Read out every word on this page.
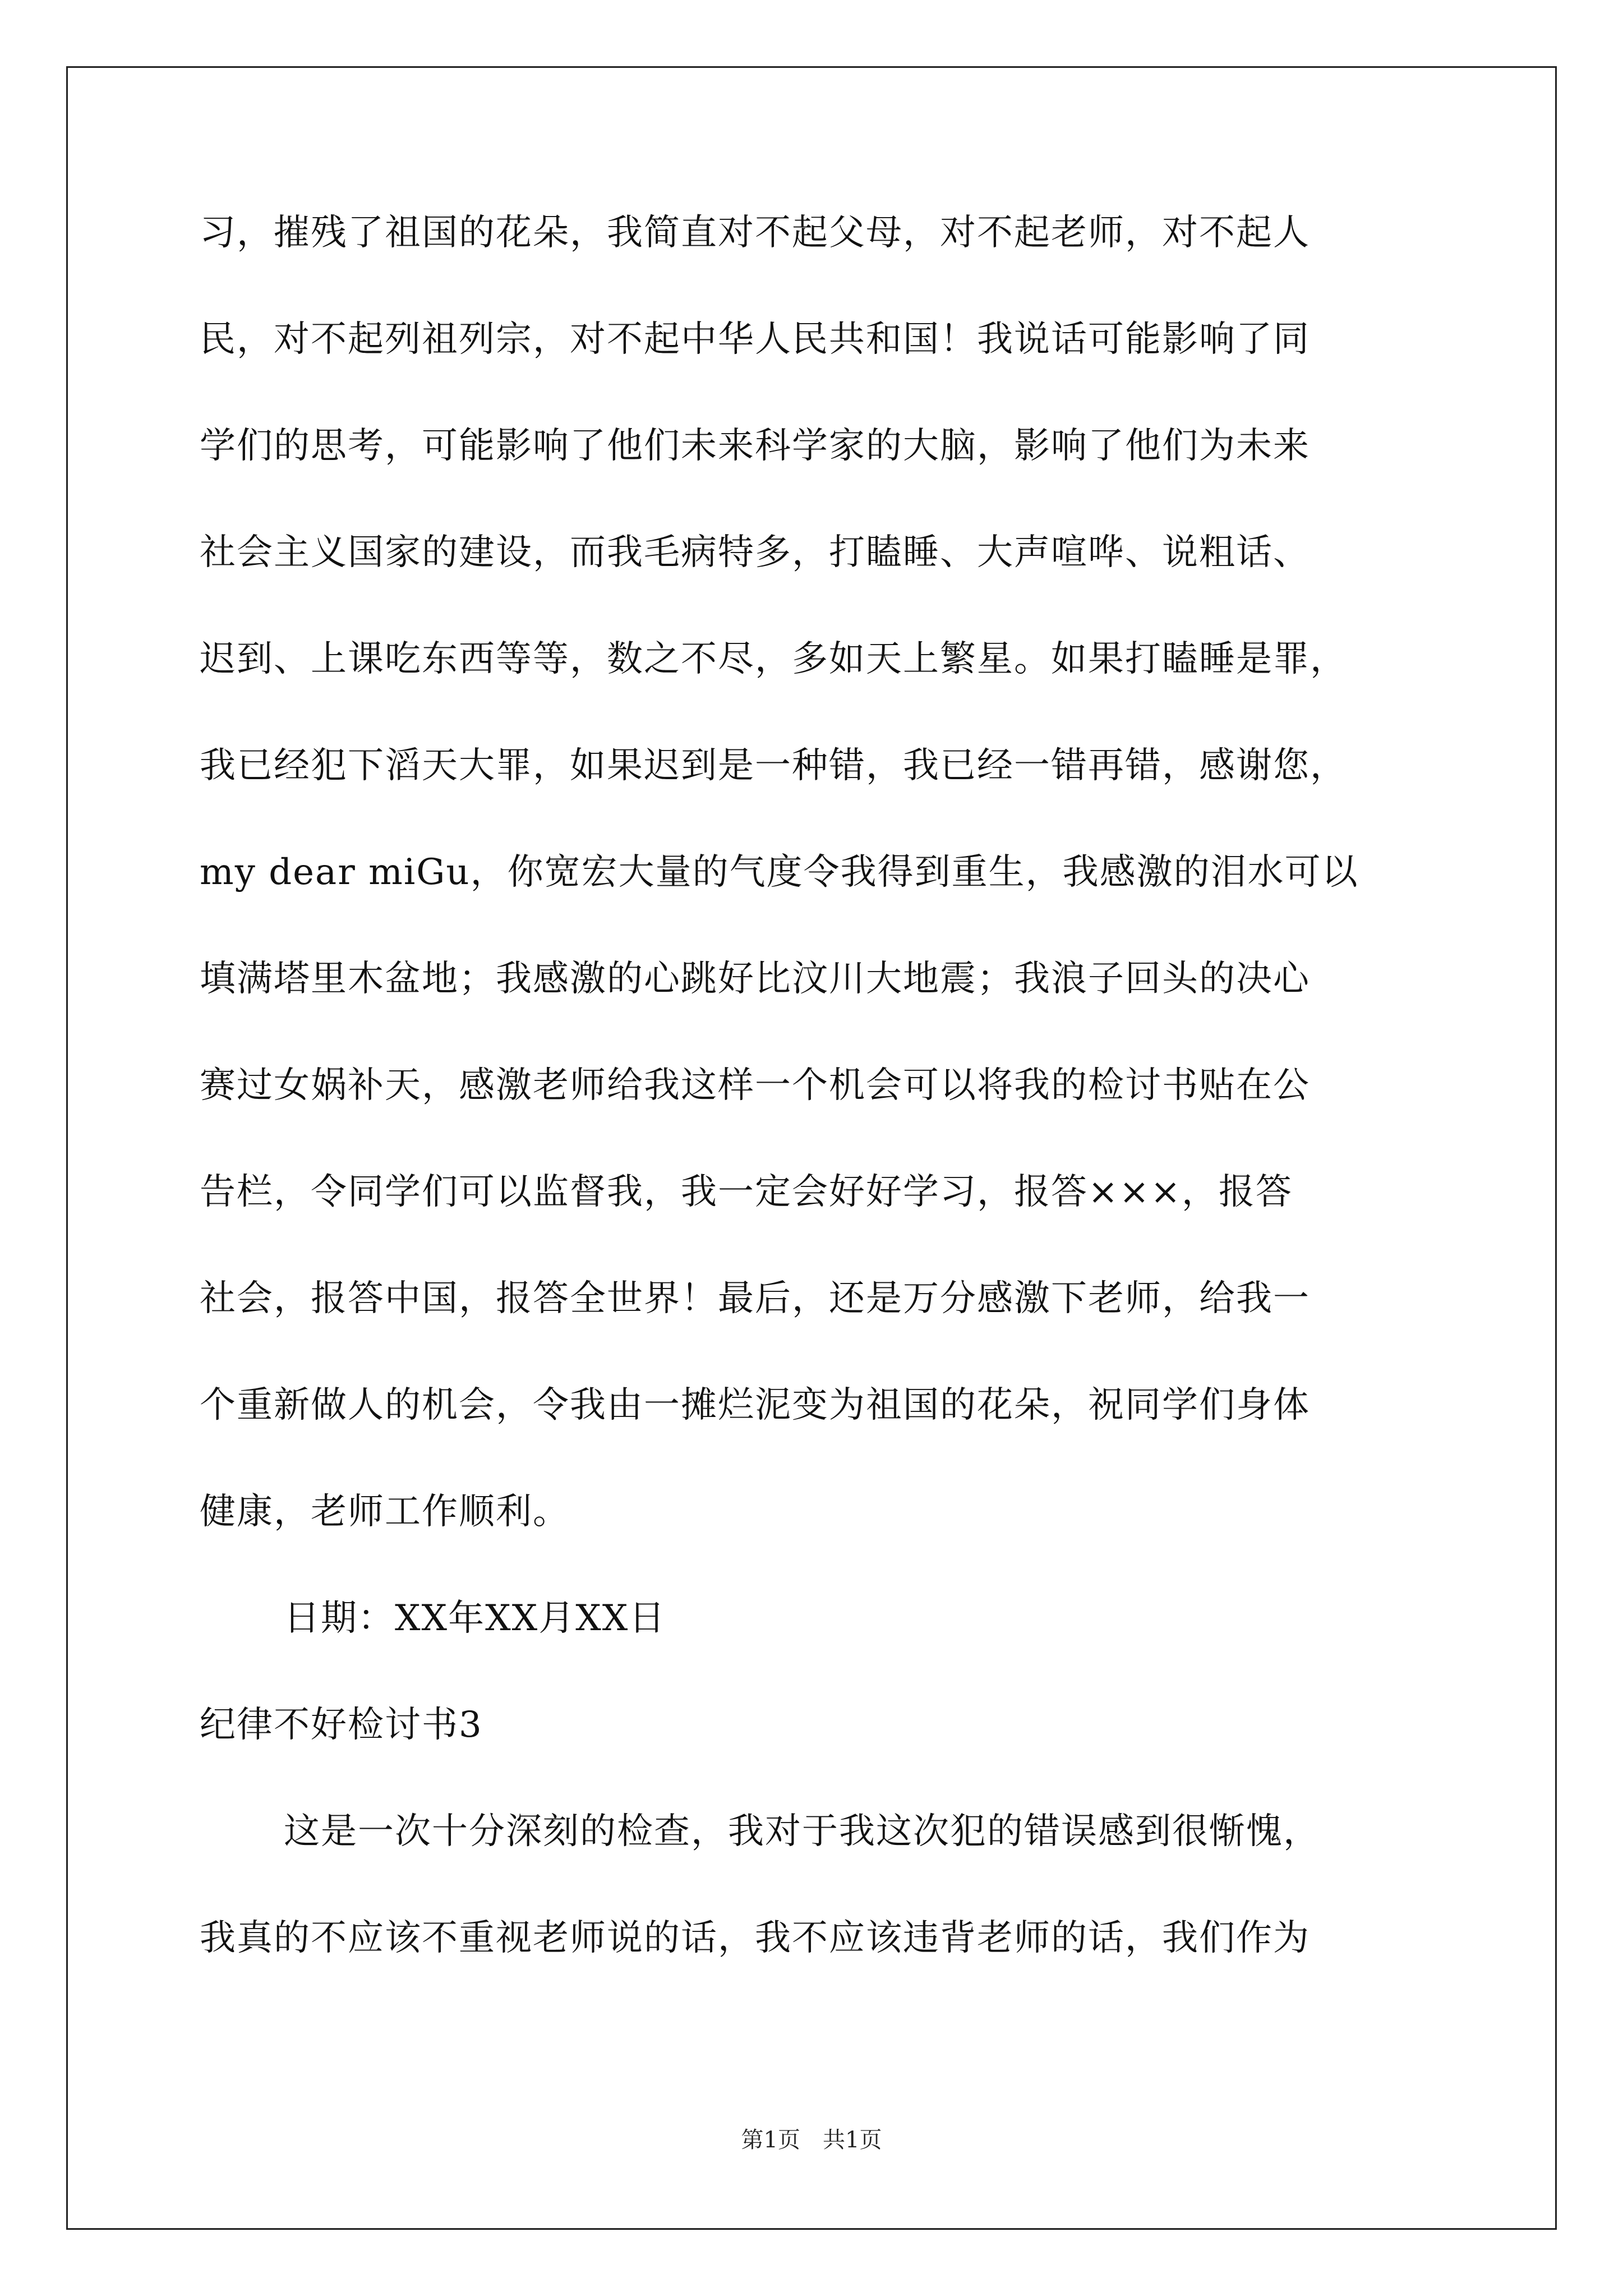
习，摧残了祖国的花朵，我简直对不起父母，对不起老师，对不起人
民，对不起列祖列宗，对不起中华人民共和国！我说话可能影响了同
学们的思考，可能影响了他们未来科学家的大脑，影响了他们为未来
社会主义国家的建设，而我毛病特多，打瞌睡、大声喧哗、说粗话、
迟到、上课吃东西等等，数之不尽，多如天上繁星。如果打瞌睡是罪，
我已经犯下滔天大罪，如果迟到是一种错，我已经一错再错，感谢您，
my dear miGu，你宽宏大量的气度令我得到重生，我感激的泪水可以
填满塔里木盆地；我感激的心跳好比汶川大地震；我浪子回头的决心
赛过女娲补天，感激老师给我这样一个机会可以将我的检讨书贴在公
告栏，令同学们可以监督我，我一定会好好学习，报答×××，报答
社会，报答中国，报答全世界！最后，还是万分感激下老师，给我一
个重新做人的机会，令我由一摊烂泥变为祖国的花朵，祝同学们身体
健康，老师工作顺利。
日期：XX年XX月XX日
纪律不好检讨书3
这是一次十分深刻的检查，我对于我这次犯的错误感到很惭愧，
我真的不应该不重视老师说的话，我不应该违背老师的话，我们作为
第1页　共1页
